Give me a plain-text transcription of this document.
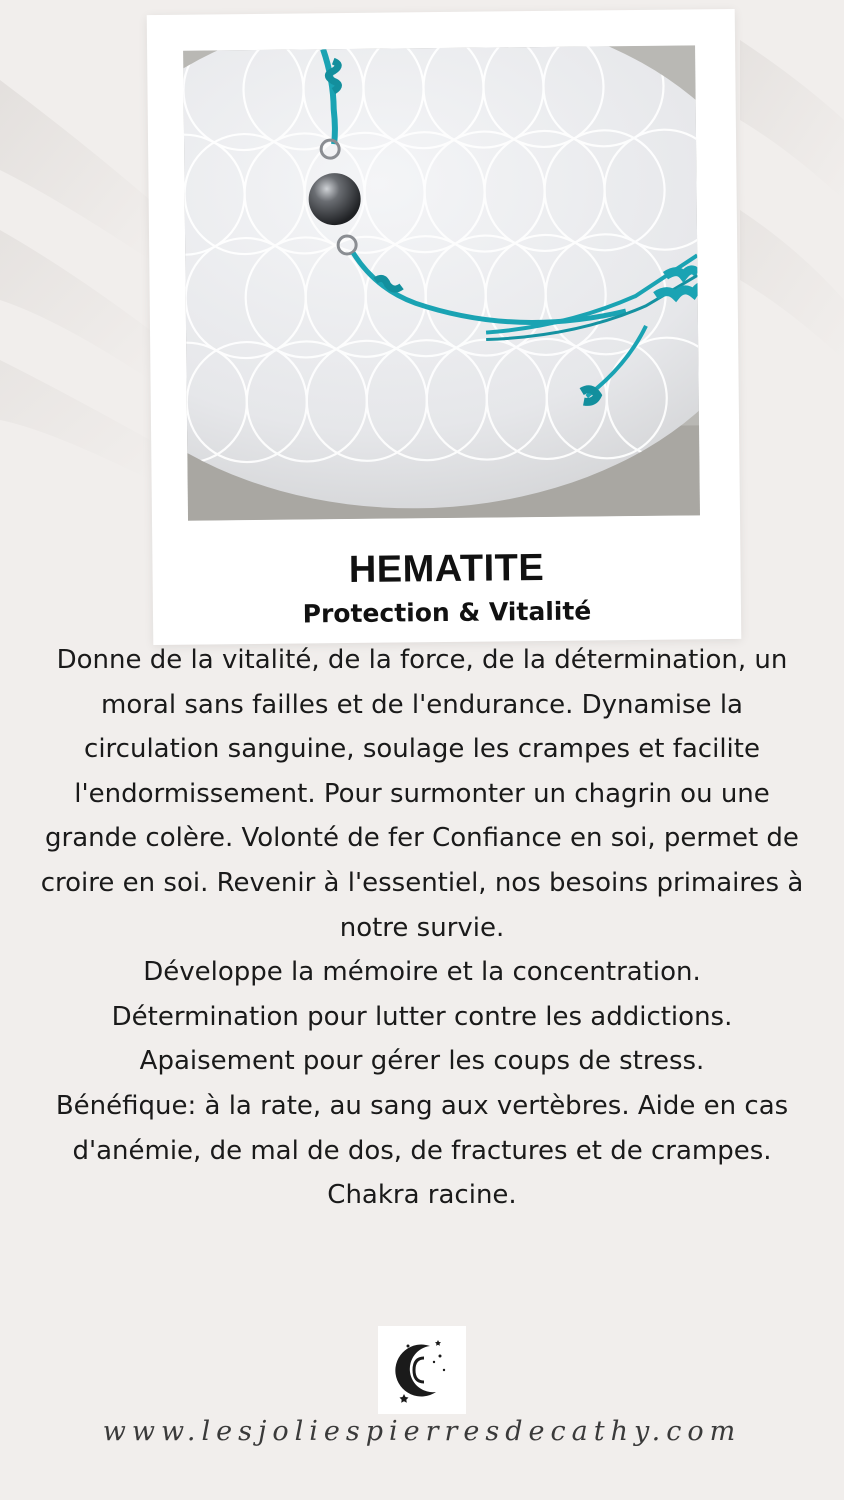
HEMATITE
Protection & Vitalité

Donne de la vitalité, de la force, de la détermination, un moral sans failles et de l'endurance. Dynamise la circulation sanguine, soulage les crampes et facilite l'endormissement. Pour surmonter un chagrin ou une grande colère. Volonté de fer Confiance en soi, permet de croire en soi. Revenir à l'essentiel, nos besoins primaires à notre survie.

Développe la mémoire et la concentration.

Détermination pour lutter contre les addictions.

Apaisement pour gérer les coups de stress.

Bénéfique: à la rate, au sang aux vertèbres. Aide en cas d'anémie, de mal de dos, de fractures et de crampes.

Chakra racine.

www.lesjoliespierresdecathy.com
